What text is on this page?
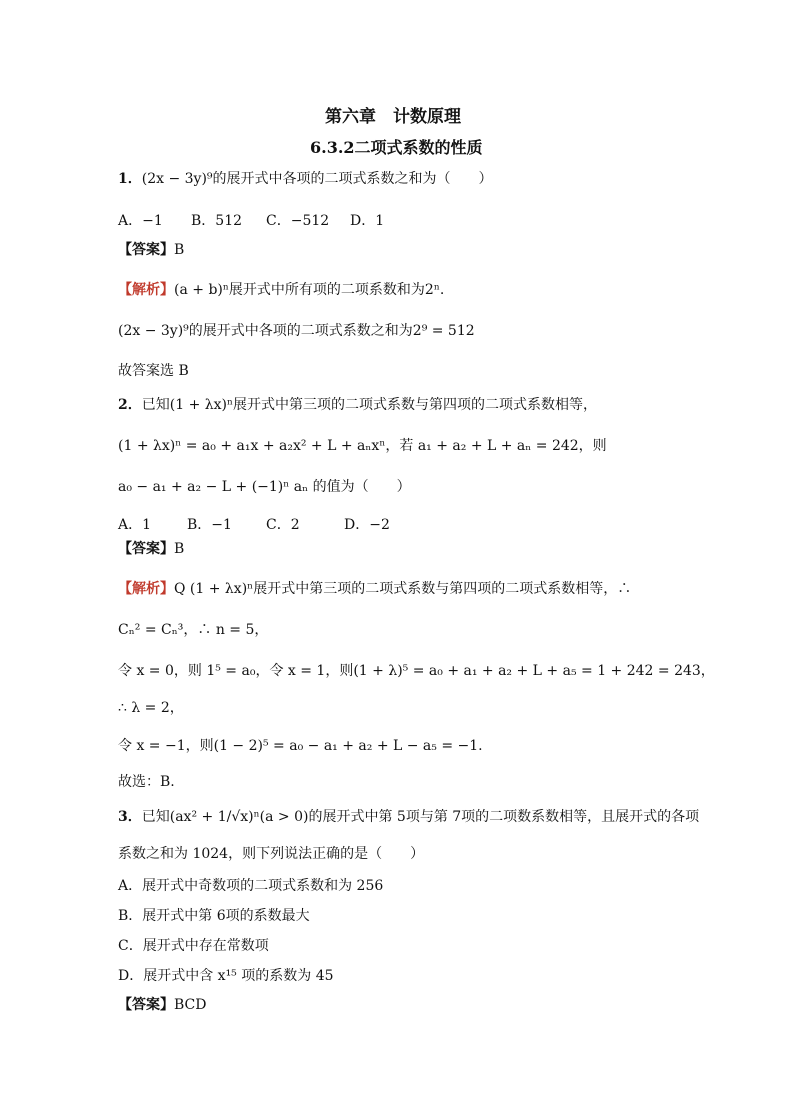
第六章　计数原理
6.3.2二项式系数的性质
1．(2x − 3y)⁹的展开式中各项的二项式系数之和为（　　）
A．−1 B．512 C．−512 D．1
【答案】B
【解析】(a + b)ⁿ展开式中所有项的二项系数和为2ⁿ.
(2x − 3y)⁹的展开式中各项的二项式系数之和为2⁹ = 512
故答案选 B
2．已知(1 + λx)ⁿ展开式中第三项的二项式系数与第四项的二项式系数相等，
(1 + λx)ⁿ = a₀ + a₁x + a₂x² + L + aₙxⁿ，若 a₁ + a₂ + L + aₙ = 242，则
a₀ − a₁ + a₂ − L + (−1)ⁿ aₙ 的值为（　　）
A．1	B．−1 C．2	D．−2
【答案】B
【解析】Q (1 + λx)ⁿ展开式中第三项的二项式系数与第四项的二项式系数相等，∴
Cₙ² = Cₙ³，∴ n = 5，
令 x = 0，则 1⁵ = a₀，令 x = 1，则(1 + λ)⁵ = a₀ + a₁ + a₂ + L + a₅ = 1 + 242 = 243，
∴ λ = 2，
令 x = −1，则(1 − 2)⁵ = a₀ − a₁ + a₂ + L − a₅ = −1.
故选：B.
3．已知(ax² + 1/√x)ⁿ(a > 0)的展开式中第 5项与第 7项的二项数系数相等，且展开式的各项
系数之和为 1024，则下列说法正确的是（　　）
A．展开式中奇数项的二项式系数和为 256
B．展开式中第 6项的系数最大
C．展开式中存在常数项
D．展开式中含 x¹⁵ 项的系数为 45
【答案】BCD
